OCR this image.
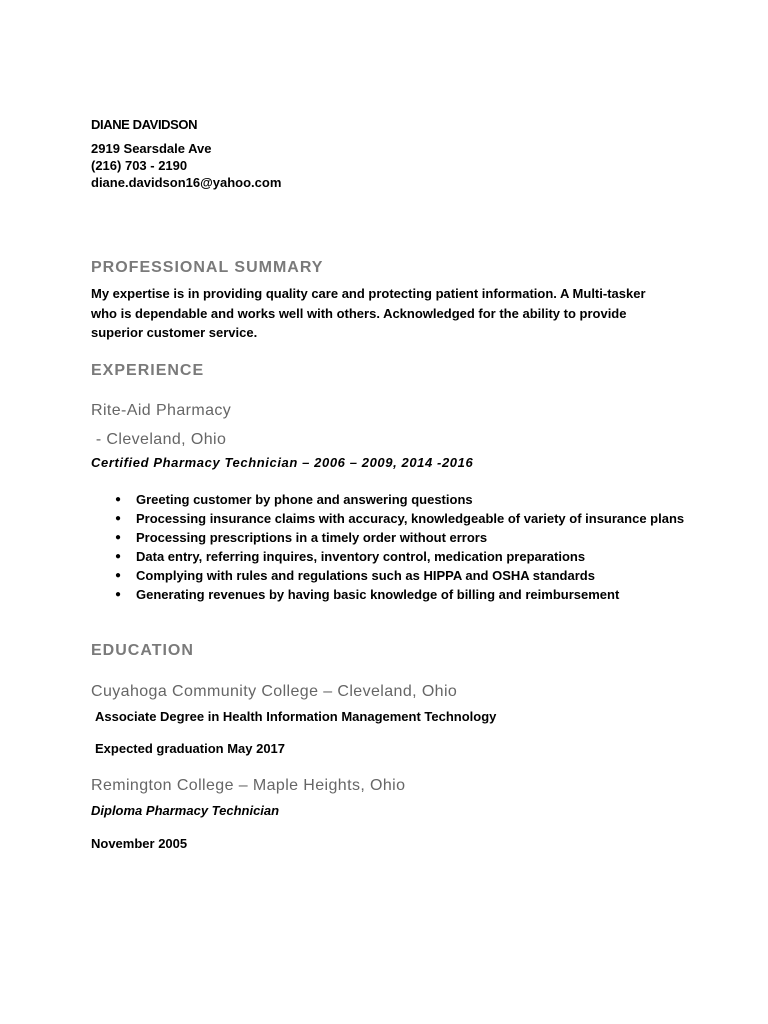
DIANE DAVIDSON
2919 Searsdale Ave
(216) 703 - 2190
diane.davidson16@yahoo.com
PROFESSIONAL SUMMARY
My expertise is in providing quality care and protecting patient information. A Multi-tasker who is dependable and works well with others. Acknowledged for the ability to provide superior customer service.
EXPERIENCE
Rite-Aid Pharmacy
- Cleveland, Ohio
Certified Pharmacy Technician – 2006 – 2009, 2014 -2016
● Greeting customer by phone and answering questions
● Processing insurance claims with accuracy, knowledgeable of variety of insurance plans
● Processing prescriptions in a timely order without errors
● Data entry, referring inquires, inventory control, medication preparations
● Complying with rules and regulations such as HIPPA and OSHA standards
● Generating revenues by having basic knowledge of billing and reimbursement
EDUCATION
Cuyahoga Community College – Cleveland, Ohio
Associate Degree in Health Information Management Technology
Expected graduation May 2017
Remington College – Maple Heights, Ohio
Diploma Pharmacy Technician
November 2005
